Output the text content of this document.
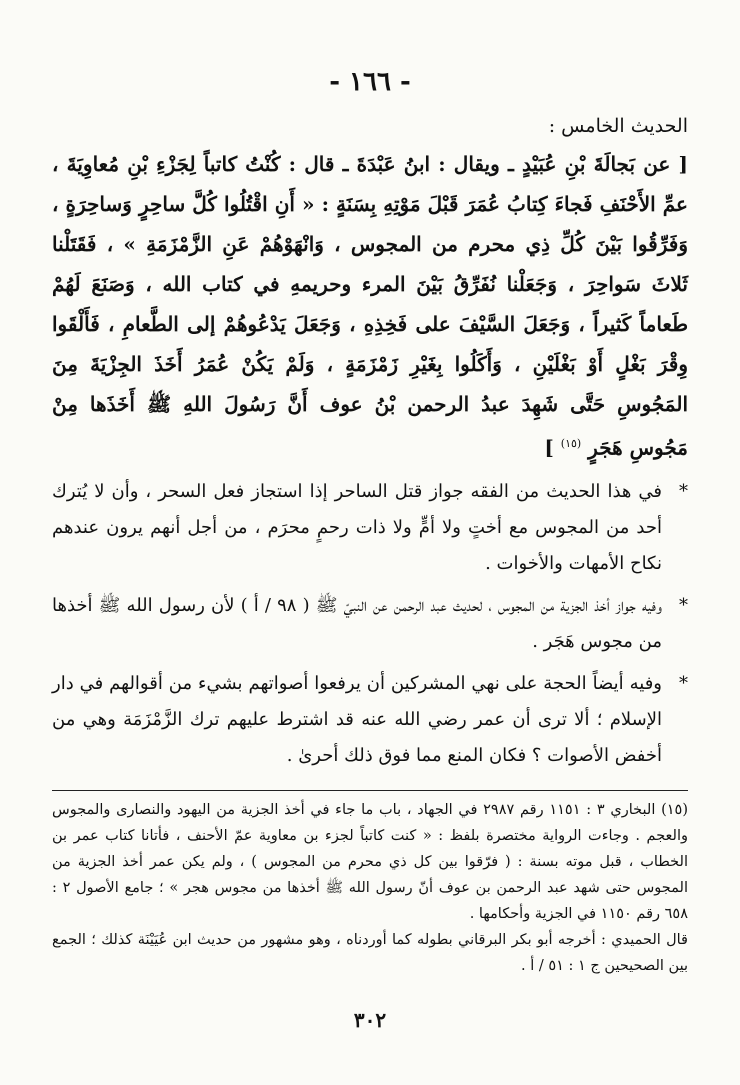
- ١٦٦ -
الحديث الخامس :

[ عن بَجالَةَ بْنِ عُبَيْدٍ ـ ويقال : ابنُ عَبْدَةَ ـ قال : كُنْتُ كاتباً لِجَزْءِ بْنِ مُعاوِيَةَ ، عمِّ الأَحْنَفِ فَجاءَ كِتابُ عُمَرَ قَبْلَ مَوْتِهِ بِسَنَةٍ : « أَنِ اقْتُلُوا كُلَّ ساحِرٍ وَساحِرَةٍ ، وَفَرِّقُوا بَيْنَ كُلِّ ذِي محرم من المجوس ، وَانْهَوْهُمْ عَنِ الزَّمْزَمَةِ » ، فَقَتَلْنا ثَلاثَ سَواحِرَ ، وَجَعَلْنا نُفَرِّقُ بَيْنَ المرء وحريمهِ في كتاب الله ، وَصَنَعَ لَهُمْ طَعاماً كَثيراً ، وَجَعَلَ السَّيْفَ على فَخِذِهِ ، وَجَعَلَ يَدْعُوهُمْ إلى الطَّعامِ ، فَأَلْقَوا وِقْرَ بَغْلٍ أَوْ بَغْلَيْنِ ، وَأَكَلُوا بِغَيْرِ زَمْزَمَةٍ ، وَلَمْ يَكُنْ عُمَرُ أَخَذَ الجِزْيَةَ مِنَ المَجُوسِ حَتَّى شَهِدَ عبدُ الرحمن بْنُ عوف أَنَّ رَسُولَ اللهِ ﷺ أَخَذَها مِنْ مَجُوسِ هَجَرٍ $^{(١٥)}$ ]

*
في هذا الحديث من الفقه جواز قتل الساحر إذا استجاز فعل السحر ، وأن لا يُترك أحد من المجوس مع أختٍ ولا أمٍّ ولا ذات رحمٍ محرَم ، من أجل أنهم يرون عندهم نكاح الأمهات والأخوات .

*
وفيه جواز أخذ الجزية من المجوس ، لحديث عبد الرحمن عن النبيّ ﷺ ( ٩٨ / أ ) لأن رسول الله ﷺ أخذها من مجوس هَجَر .

*
وفيه أيضاً الحجة على نهي المشركين أن يرفعوا أصواتهم بشيء من أقوالهم في دار الإسلام ؛ ألا ترى أن عمر رضي الله عنه قد اشترط عليهم ترك الزَّمْزَمَة وهي من أخفض الأصوات ؟ فكان المنع مما فوق ذلك أحرىٰ .

(١٥) البخاري ٣ : ١١٥١ رقم ٢٩٨٧ في الجهاد ، باب ما جاء في أخذ الجزية من اليهود والنصارى والمجوس والعجم . وجاءت الرواية مختصرة بلفظ : « كنت كاتباً لجزء بن معاوية عمّ الأحنف ، فأتانا كتاب عمر بن الخطاب ، قبل موته بسنة : ( فرّقوا بين كل ذي محرم من المجوس ) ، ولم يكن عمر أخذ الجزية من المجوس حتى شهد عبد الرحمن بن عوف أنّ رسول الله ﷺ أخذها من مجوس هجر » ؛ جامع الأصول ٢ : ٦٥٨ رقم ١١٥٠ في الجزية وأحكامها .

قال الحميدي : أخرجه أبو بكر البرقاني بطوله كما أوردناه ، وهو مشهور من حديث ابن عُيَيْنَة كذلك ؛ الجمع بين الصحيحين ج ١ : ٥١ / أ .

٣٠٢
